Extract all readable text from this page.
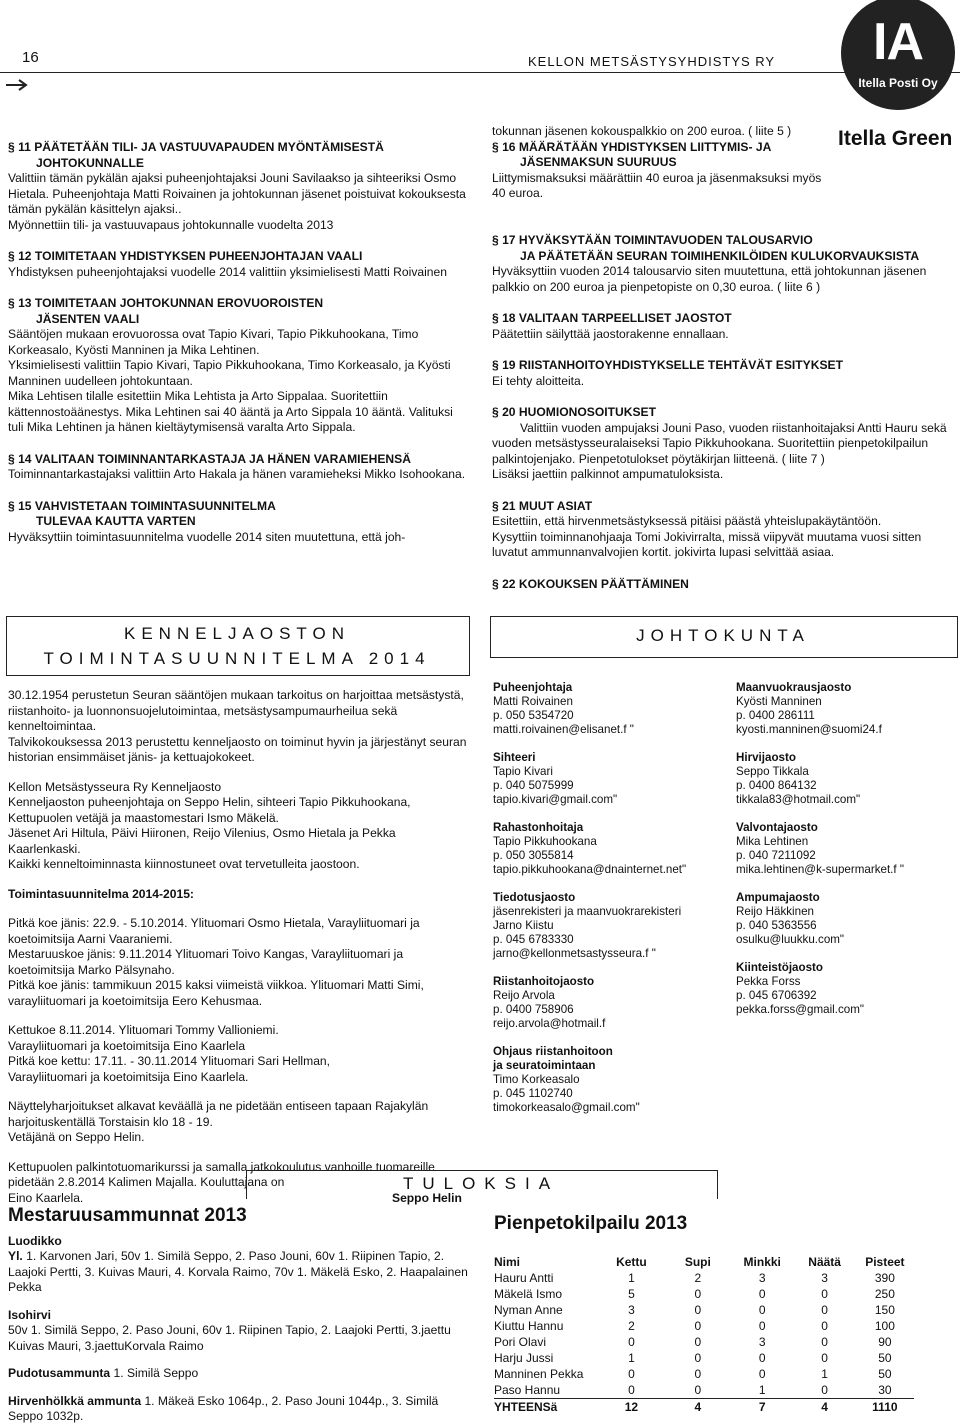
16	KELLON METSÄSTYSYHDISTYS RY	IA
Itella Posti Oy
Itella Green

§ 11 PÄÄTETÄÄN TILI- JA VASTUUVAPAUDEN MYÖNTÄMISESTÄ

JOHTOKUNNALLE

Valittiin tämän pykälän ajaksi puheenjohtajaksi Jouni Savilaakso ja sihteeriksi Osmo Hietala. Puheenjohtaja Matti Roivainen ja johtokunnan jäsenet poistuivat kokouksesta tämän pykälän käsittelyn ajaksi..

Myönnettiin tili- ja vastuuvapaus johtokunnalle vuodelta 2013

§ 12 TOIMITETAAN YHDISTYKSEN PUHEENJOHTAJAN VAALI

Yhdistyksen puheenjohtajaksi vuodelle 2014 valittiin yksimielisesti Matti Roivainen

§ 13 TOIMITETAAN JOHTOKUNNAN EROVUOROISTEN

JÄSENTEN VAALI

Sääntöjen mukaan erovuorossa ovat Tapio Kivari, Tapio Pikkuhookana, Timo Korkeasalo, Kyösti Manninen ja Mika Lehtinen.

Yksimielisesti valittiin Tapio Kivari, Tapio Pikkuhookana, Timo Korkeasalo, ja Kyösti Manninen uudelleen johtokuntaan.

Mika Lehtisen tilalle esitettiin Mika Lehtista ja Arto Sippalaa. Suoritettiin kättennostoäänestys. Mika Lehtinen sai 40 ääntä ja Arto Sippala 10 ääntä. Valituksi tuli Mika Lehtinen ja hänen kieltäytymisensä varalta Arto Sippala.

§ 14 VALITAAN TOIMINNANTARKASTAJA JA HÄNEN VARAMIEHENSÄ

Toiminnantarkastajaksi valittiin Arto Hakala ja hänen varamieheksi Mikko Isohookana.

§ 15 VAHVISTETAAN TOIMINTASUUNNITELMA

TULEVAA KAUTTA VARTEN

Hyväksyttiin toimintasuunnitelma vuodelle 2014 siten muutettuna, että joh-

tokunnan jäsenen kokouspalkkio on 200 euroa. ( liite 5 )

§ 16 MÄÄRÄTÄÄN YHDISTYKSEN LIITTYMIS- JA

JÄSENMAKSUN SUURUUS

Liittymismaksuksi määrättiin 40 euroa ja jäsenmaksuksi myös 40 euroa.

§ 17 HYVÄKSYTÄÄN TOIMINTAVUODEN TALOUSARVIO

JA PÄÄTETÄÄN SEURAN TOIMIHENKILÖIDEN KULUKORVAUKSISTA

Hyväksyttiin vuoden 2014 talousarvio siten muutettuna, että johtokunnan jäsenen palkkio on 200 euroa ja pienpetopiste on 0,30 euroa. ( liite 6 )

§ 18 VALITAAN TARPEELLISET JAOSTOT

Päätettiin säilyttää jaostorakenne ennallaan.

§ 19 RIISTANHOITOYHDISTYKSELLE TEHTÄVÄT ESITYKSET

Ei tehty aloitteita.

§ 20 HUOMIONOSOITUKSET

Valittiin vuoden ampujaksi Jouni Paso, vuoden riistanhoitajaksi Antti Hauru sekä vuoden metsästysseuralaiseksi Tapio Pikkuhookana. Suoritettiin pienpetokilpailun palkintojenjako. Pienpetotulokset pöytäkirjan liitteenä. ( liite 7 )

Lisäksi jaettiin palkinnot ampumatuloksista.

§ 21 MUUT ASIAT

Esitettiin, että hirvenmetsästyksessä pitäisi päästä yhteislupakäytäntöön.

Kysyttiin toiminnanohjaaja Tomi Jokivirralta, missä viipyvät muutama vuosi sitten luvatut ammunnanvalvojien kortit. jokivirta lupasi selvittää asiaa.

§ 22 KOKOUKSEN PÄÄTTÄMINEN

KENNELJAOSTON
TOIMINTASUUNNITELMA 2014

30.12.1954 perustetun Seuran sääntöjen mukaan tarkoitus on harjoittaa metsästystä, riistanhoito- ja luonnonsuojelutoimintaa, metsästysampumaurheilua sekä kenneltoimintaa.

Talvikokouksessa 2013 perustettu kenneljaosto on toiminut hyvin ja järjestänyt seuran historian ensimmäiset jänis- ja kettuajokokeet.

Kellon Metsästysseura Ry Kenneljaosto

Kenneljaoston puheenjohtaja on Seppo Helin, sihteeri Tapio Pikkuhookana, Kettupuolen vetäjä ja maastomestari Ismo Mäkelä.

Jäsenet Ari Hiltula, Päivi Hiironen, Reijo Vilenius, Osmo Hietala ja Pekka Kaarlenkaski.

Kaikki kenneltoiminnasta kiinnostuneet ovat tervetulleita jaostoon.

Toimintasuunnitelma 2014-2015:

Pitkä koe jänis: 22.9. - 5.10.2014. Ylituomari Osmo Hietala, Varayliituomari ja koetoimitsija Aarni Vaaraniemi.

Mestaruuskoe jänis: 9.11.2014 Ylituomari Toivo Kangas, Varayliituomari ja koetoimitsija Marko Pälsynaho.

Pitkä koe jänis: tammikuun 2015 kaksi viimeistä viikkoa. Ylituomari Matti Simi, varayliituomari ja koetoimitsija Eero Kehusmaa.

Kettukoe 8.11.2014. Ylituomari Tommy Vallioniemi.

Varayliituomari ja koetoimitsija Eino Kaarlela

Pitkä koe kettu: 17.11. - 30.11.2014 Ylituomari Sari Hellman,

Varayliituomari ja koetoimitsija Eino Kaarlela.

Näyttelyharjoitukset alkavat keväällä ja ne pidetään entiseen tapaan Rajakylän harjoituskentällä Torstaisin klo 18 - 19.

Vetäjänä on Seppo Helin.

Kettupuolen palkintotuomarikurssi ja samalla jatkokoulutus vanhoille tuomareille pidetään 2.8.2014 Kalimen Majalla. Kouluttajana on

Eino Kaarlela.	Seppo Helin

JOHTOKUNTA

Puheenjohtaja

Matti Roivainen

p. 050 5354720

matti.roivainen@elisanet.f "

Sihteeri

Tapio Kivari

p. 040 5075999

tapio.kivari@gmail.com"

Rahastonhoitaja

Tapio Pikkuhookana

p. 050 3055814

tapio.pikkuhookana@dnainternet.net"

Tiedotusjaosto

jäsenrekisteri ja maanvuokrarekisteri

Jarno Kiistu

p. 045 6783330

jarno@kellonmetsastysseura.f "

Riistanhoitojaosto

Reijo Arvola

p. 0400 758906

reijo.arvola@hotmail.f

Ohjaus riistanhoitoon ja seuratoimintaan

Timo Korkeasalo

p. 045 1102740

timokorkeasalo@gmail.com"

Maanvuokrausjaosto

Kyösti Manninen

p. 0400 286111

kyosti.manninen@suomi24.f

Hirvijaosto

Seppo Tikkala

p. 0400 864132

tikkala83@hotmail.com"

Valvontajaosto

Mika Lehtinen

p. 040 7211092

mika.lehtinen@k-supermarket.f "

Ampumajaosto

Reijo Häkkinen

p. 040 5363556

osulku@luukku.com"

Kiinteistöjaosto

Pekka Forss

p. 045 6706392

pekka.forss@gmail.com"

TULOKSIA
Mestaruusammunnat 2013
Luodikko
Yl. 1. Karvonen Jari, 50v 1. Similä Seppo, 2. Paso Jouni, 60v 1. Riipinen Tapio, 2. Laajoki Pertti, 3. Kuivas Mauri, 4. Korvala Raimo, 70v 1. Mäkelä Esko, 2. Haapalainen Pekka
Isohirvi
50v 1. Similä Seppo, 2. Paso Jouni, 60v 1. Riipinen Tapio, 2. Laajoki Pertti, 3.jaettu Kuivas Mauri, 3.jaettuKorvala Raimo
Pudotusammunta 1. Similä Seppo
Hirvenhölkkä ammunta 1. Mäkeä Esko 1064p., 2. Paso Jouni 1044p., 3. Similä Seppo 1032p.
Pienpetokilpailu 2013
Nimi	Kettu	Supi	Minkki	Näätä	Pisteet
Hauru Antti	1	2	3	3	390
Mäkelä Ismo	5	0	0	0	250
Nyman Anne	3	0	0	0	150
Kiuttu Hannu	2	0	0	0	100
Pori Olavi	0	0	3	0	90
Harju Jussi	1	0	0	0	50
Manninen Pekka	0	0	0	1	50
Paso Hannu	0	0	1	0	30
YHTEENSä	12	4	7	4	1110
